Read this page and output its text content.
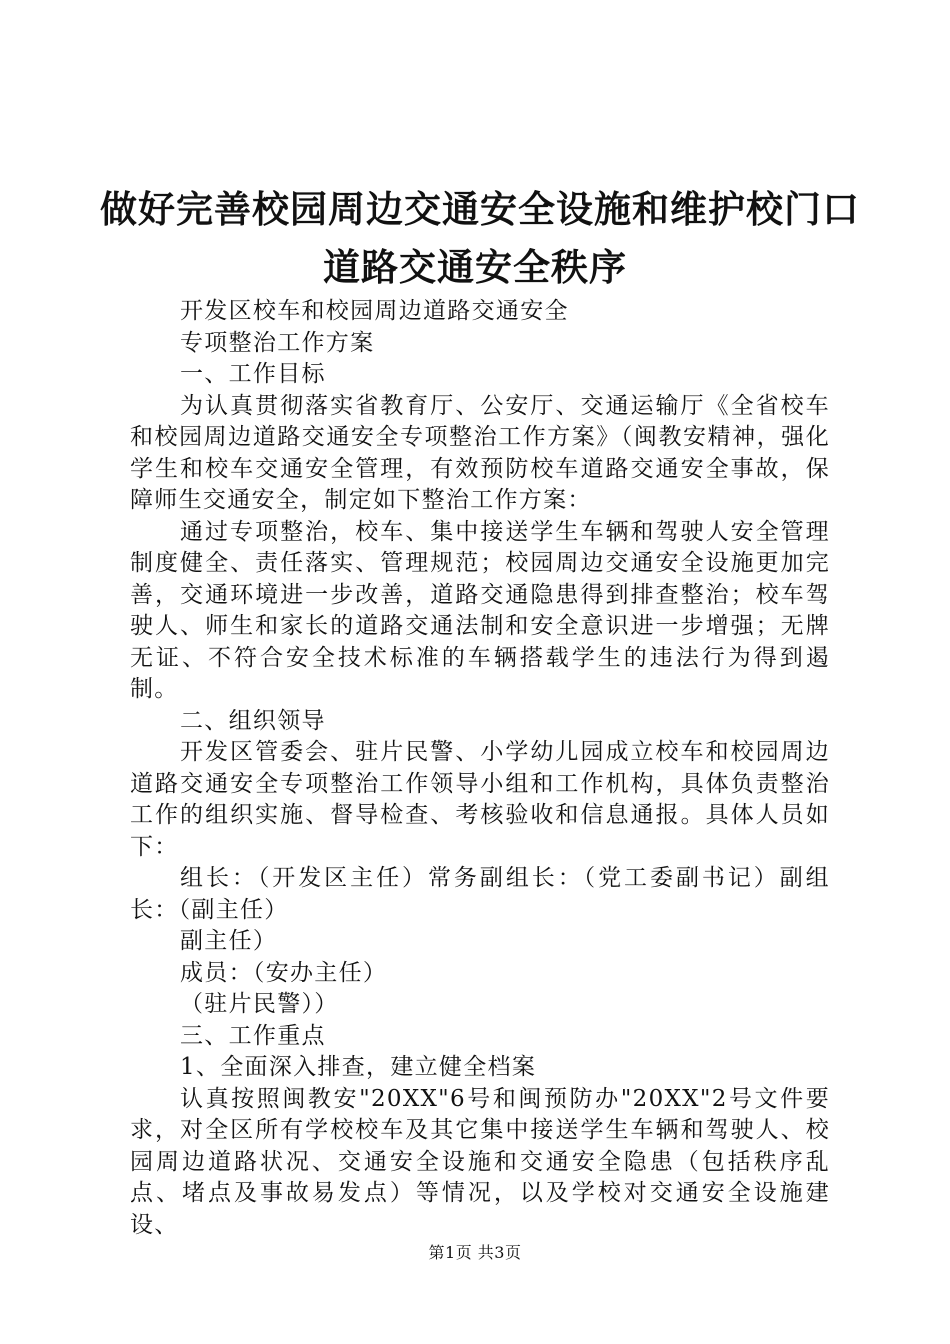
做好完善校园周边交通安全设施和维护校门口
道路交通安全秩序

开发区校车和校园周边道路交通安全

专项整治工作方案

一、工作目标

为认真贯彻落实省教育厅、公安厅、交通运输厅《全省校车和校园周边道路交通安全专项整治工作方案》（闽教安精神，强化学生和校车交通安全管理，有效预防校车道路交通安全事故，保障师生交通安全，制定如下整治工作方案：

通过专项整治，校车、集中接送学生车辆和驾驶人安全管理制度健全、责任落实、管理规范；校园周边交通安全设施更加完善，交通环境进一步改善，道路交通隐患得到排查整治；校车驾驶人、师生和家长的道路交通法制和安全意识进一步增强；无牌无证、不符合安全技术标准的车辆搭载学生的违法行为得到遏制。

二、组织领导

开发区管委会、驻片民警、小学幼儿园成立校车和校园周边道路交通安全专项整治工作领导小组和工作机构，具体负责整治工作的组织实施、督导检查、考核验收和信息通报。具体人员如下：

组长：（开发区主任）常务副组长：（党工委副书记）副组长：（副主任）

副主任）

成员：（安办主任）

（驻片民警））

三、工作重点

1、全面深入排查，建立健全档案

认真按照闽教安"20XX"6号和闽预防办"20XX"2号文件要求，对全区所有学校校车及其它集中接送学生车辆和驾驶人、校园周边道路状况、交通安全设施和交通安全隐患（包括秩序乱点、堵点及事故易发点）等情况，以及学校对交通安全设施建设、

第1页 共3页
